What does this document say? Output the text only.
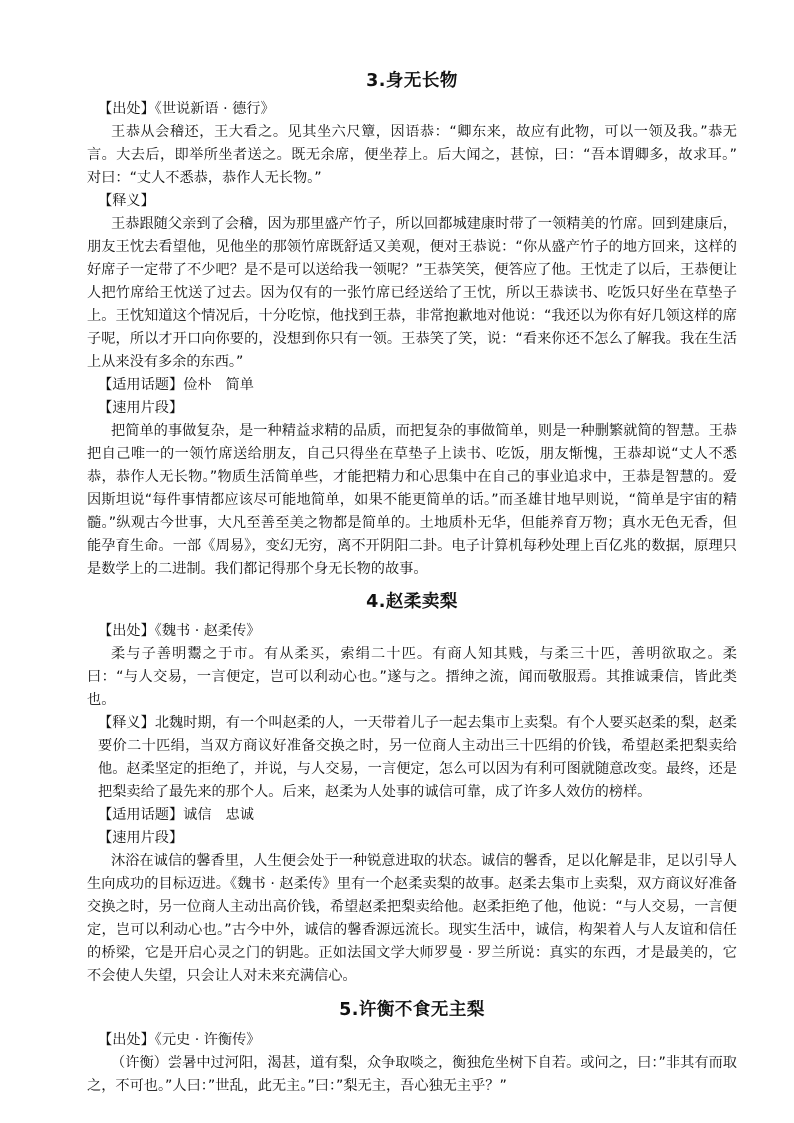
3.身无长物

【出处】《世说新语 · 德行》

王恭从会稽还，王大看之。见其坐六尺簟，因语恭：“卿东来，故应有此物，可以一领及我。”恭无言。大去后，即举所坐者送之。既无余席，便坐荐上。后大闻之，甚惊，曰：“吾本谓卿多，故求耳。” 对曰：“丈人不悉恭，恭作人无长物。”

【释义】

王恭跟随父亲到了会稽，因为那里盛产竹子，所以回都城建康时带了一领精美的竹席。回到建康后，朋友王忱去看望他，见他坐的那领竹席既舒适又美观，便对王恭说：“你从盛产竹子的地方回来，这样的好席子一定带了不少吧？是不是可以送给我一领呢？”王恭笑笑，便答应了他。王忱走了以后，王恭便让人把竹席给王忱送了过去。因为仅有的一张竹席已经送给了王忱，所以王恭读书、吃饭只好坐在草垫子上。王忱知道这个情况后，十分吃惊，他找到王恭，非常抱歉地对他说：“我还以为你有好几领这样的席子呢，所以才开口向你要的，没想到你只有一领。王恭笑了笑，说：“看来你还不怎么了解我。我在生活上从来没有多余的东西。”

【适用话题】俭朴 简单

【速用片段】

把简单的事做复杂，是一种精益求精的品质，而把复杂的事做简单，则是一种删繁就简的智慧。王恭把自己唯一的一领竹席送给朋友，自己只得坐在草垫子上读书、吃饭，朋友惭愧，王恭却说“丈人不悉恭，恭作人无长物。”物质生活简单些，才能把精力和心思集中在自己的事业追求中，王恭是智慧的。爱因斯坦说“每件事情都应该尽可能地简单，如果不能更简单的话。”而圣雄甘地早则说，“简单是宇宙的精髓。”纵观古今世事，大凡至善至美之物都是简单的。土地质朴无华，但能养育万物；真水无色无香，但能孕育生命。一部《周易》，变幻无穷，离不开阴阳二卦。电子计算机每秒处理上百亿兆的数据，原理只是数学上的二进制。我们都记得那个身无长物的故事。

4.赵柔卖梨

【出处】《魏书 · 赵柔传》

柔与子善明鬻之于市。有从柔买，索绢二十匹。有商人知其贱，与柔三十匹，善明欲取之。柔曰：“与人交易，一言便定，岂可以利动心也。”遂与之。搢绅之流，闻而敬服焉。其推诚秉信，皆此类也。

【释义】北魏时期，有一个叫赵柔的人，一天带着儿子一起去集市上卖梨。有个人要买赵柔的梨，赵柔要价二十匹绢，当双方商议好准备交换之时，另一位商人主动出三十匹绢的价钱，希望赵柔把梨卖给他。赵柔坚定的拒绝了，并说，与人交易，一言便定，怎么可以因为有利可图就随意改变。最终，还是把梨卖给了最先来的那个人。后来，赵柔为人处事的诚信可靠，成了许多人效仿的榜样。

【适用话题】诚信 忠诚

【速用片段】

沐浴在诚信的馨香里，人生便会处于一种锐意进取的状态。诚信的馨香，足以化解是非，足以引导人生向成功的目标迈进。《魏书 · 赵柔传》里有一个赵柔卖梨的故事。赵柔去集市上卖梨，双方商议好准备交换之时，另一位商人主动出高价钱，希望赵柔把梨卖给他。赵柔拒绝了他，他说：“与人交易，一言便定，岂可以利动心也。”古今中外，诚信的馨香源远流长。现实生活中，诚信，构架着人与人友谊和信任的桥梁，它是开启心灵之门的钥匙。正如法国文学大师罗曼 · 罗兰所说：真实的东西，才是最美的，它不会使人失望，只会让人对未来充满信心。

5.许衡不食无主梨

【出处】《元史 · 许衡传》

（许衡）尝暑中过河阳，渴甚，道有梨，众争取啖之，衡独危坐树下自若。或问之，曰：”非其有而取之，不可也。”人曰：”世乱，此无主。”曰：”梨无主，吾心独无主乎？”
